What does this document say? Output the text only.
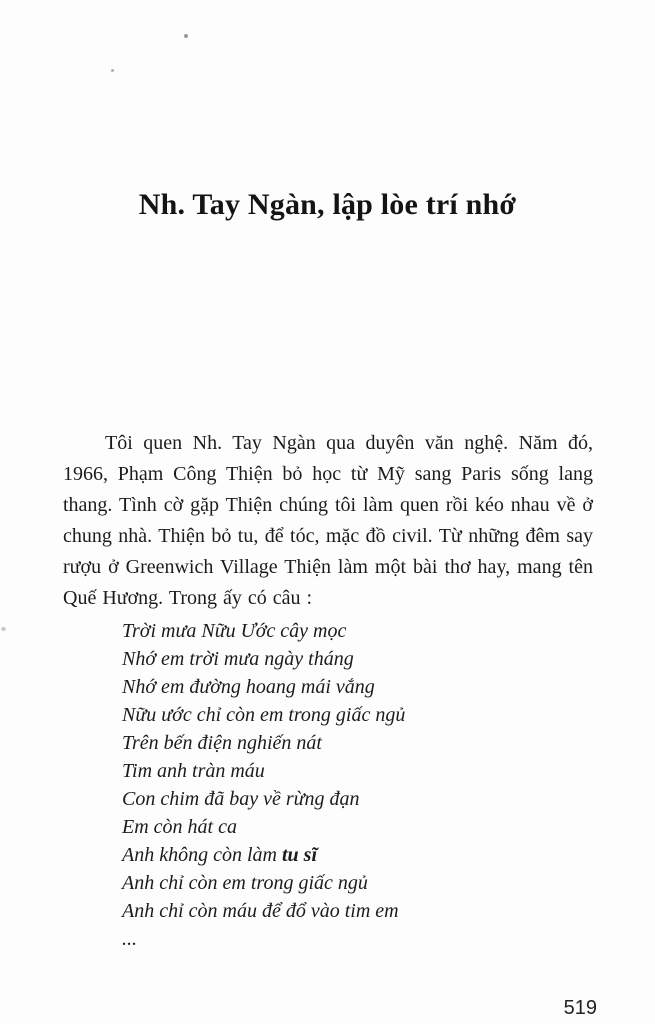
Nh. Tay Ngàn, lập lòe trí nhớ

Tôi quen Nh. Tay Ngàn qua duyên văn nghệ. Năm đó, 1966, Phạm Công Thiện bỏ học từ Mỹ sang Paris sống lang thang. Tình cờ gặp Thiện chúng tôi làm quen rồi kéo nhau về ở chung nhà. Thiện bỏ tu, để tóc, mặc đồ civil. Từ những đêm say rượu ở Greenwich Village Thiện làm một bài thơ hay, mang tên Quế Hương. Trong ấy có câu :

Trời mưa Nữu Ước cây mọc
Nhớ em trời mưa ngày tháng
Nhớ em đường hoang mái vắng
Nữu ước chỉ còn em trong giấc ngủ
Trên bến điện nghiến nát
Tim anh tràn máu
Con chim đã bay về rừng đạn
Em còn hát ca
Anh không còn làm tu sĩ
Anh chỉ còn em trong giấc ngủ
Anh chỉ còn máu để đổ vào tim em
...
519
